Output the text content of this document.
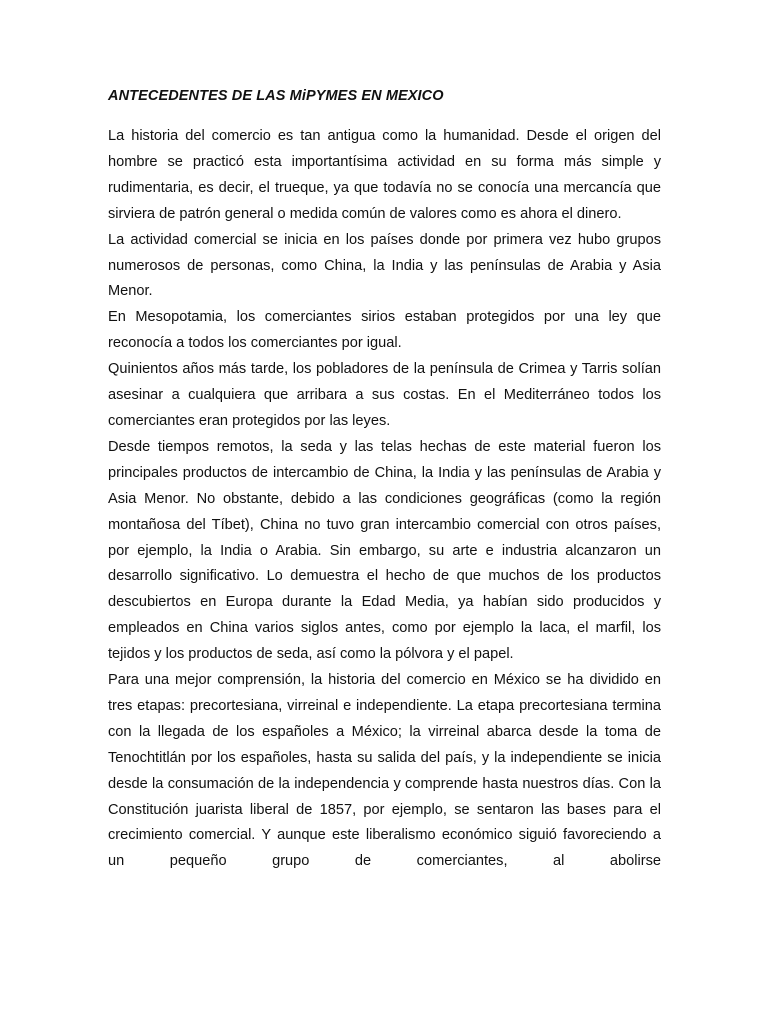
ANTECEDENTES DE LAS MiPYMES EN MEXICO

La historia del comercio es tan antigua como la humanidad. Desde el origen del hombre se practicó esta importantísima actividad en su forma más simple y rudimentaria, es decir, el trueque, ya que todavía no se conocía una mercancía que sirviera de patrón general o medida común de valores como es ahora el dinero.

La actividad comercial se inicia en los países donde por primera vez hubo grupos numerosos de personas, como China, la India y las penínsulas de Arabia y Asia Menor.

En Mesopotamia, los comerciantes sirios estaban protegidos por una ley que reconocía a todos los comerciantes por igual.

Quinientos años más tarde, los pobladores de la península de Crimea y Tarris solían asesinar a cualquiera que arribara a sus costas. En el Mediterráneo todos los comerciantes eran protegidos por las leyes.

Desde tiempos remotos, la seda y las telas hechas de este material fueron los principales productos de intercambio de China, la India y las penínsulas de Arabia y Asia Menor. No obstante, debido a las condiciones geográficas (como la región montañosa del Tíbet), China no tuvo gran intercambio comercial con otros países, por ejemplo, la India o Arabia. Sin embargo, su arte e industria alcanzaron un desarrollo significativo. Lo demuestra el hecho de que muchos de los productos descubiertos en Europa durante la Edad Media, ya habían sido producidos y empleados en China varios siglos antes, como por ejemplo la laca, el marfil, los tejidos y los productos de seda, así como la pólvora y el papel.

Para una mejor comprensión, la historia del comercio en México se ha dividido en tres etapas: precortesiana, virreinal e independiente. La etapa precortesiana termina con la llegada de los españoles a México; la virreinal abarca desde la toma de Tenochtitlán por los españoles, hasta su salida del país, y la independiente se inicia desde la consumación de la independencia y comprende hasta nuestros días. Con la Constitución juarista liberal de 1857, por ejemplo, se sentaron las bases para el crecimiento comercial. Y aunque este liberalismo económico siguió favoreciendo a un pequeño grupo de comerciantes, al abolirse
